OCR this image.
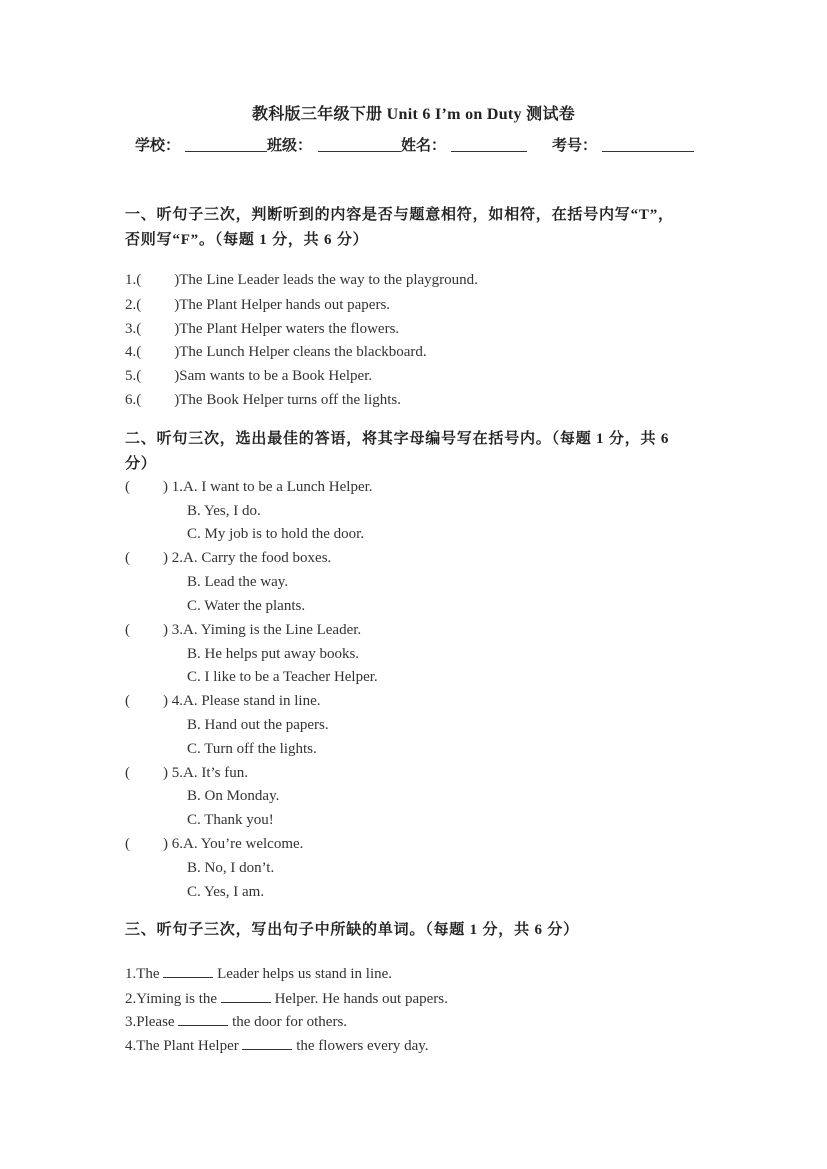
教科版三年级下册 Unit 6 I’m on Duty 测试卷
学校：	班级：	姓名：	考号：
一、听句子三次，判断听到的内容是否与题意相符，如相符，在括号内写“T”，
否则写“F”。（每题 1 分，共 6 分）
1.( )The Line Leader leads the way to the playground.
2.( )The Plant Helper hands out papers.
3.( )The Plant Helper waters the flowers.
4.( )The Lunch Helper cleans the blackboard.
5.( )Sam wants to be a Book Helper.
6.( )The Book Helper turns off the lights.
二、听句三次，选出最佳的答语，将其字母编号写在括号内。（每题 1 分，共 6
分）
( ) 1.A. I want to be a Lunch Helper.
B. Yes, I do.
C. My job is to hold the door.
( ) 2.A. Carry the food boxes.
B. Lead the way.
C. Water the plants.
( ) 3.A. Yiming is the Line Leader.
B. He helps put away books.
C. I like to be a Teacher Helper.
( ) 4.A. Please stand in line.
B. Hand out the papers.
C. Turn off the lights.
( ) 5.A. It’s fun.
B. On Monday.
C. Thank you!
( ) 6.A. You’re welcome.
B. No, I don’t.
C. Yes, I am.
三、听句子三次，写出句子中所缺的单词。（每题 1 分，共 6 分）
1.The	Leader helps us stand in line.
2.Yiming is the	Helper. He hands out papers.
3.Please	the door for others.
4.The Plant Helper	the flowers every day.
